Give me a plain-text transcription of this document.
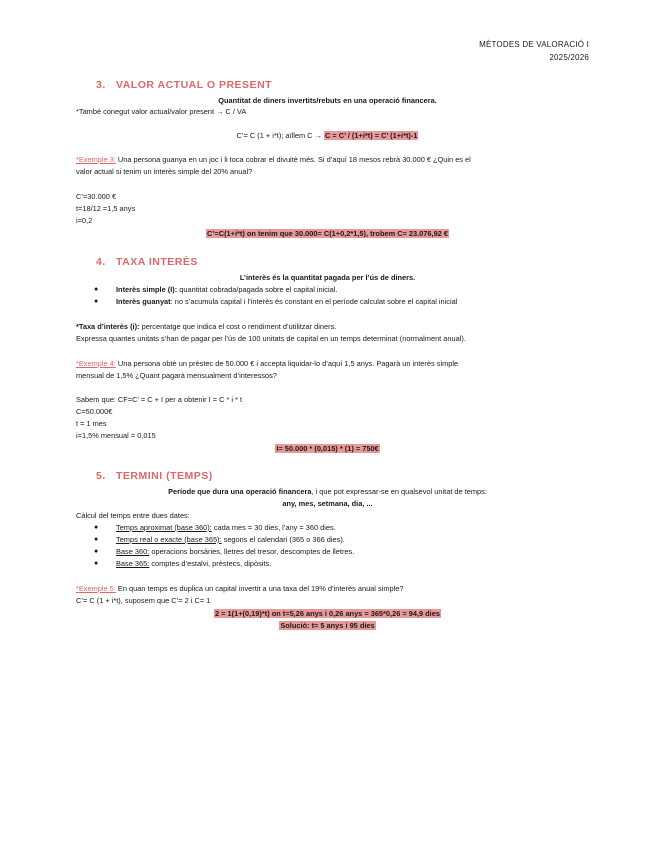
MÈTODES DE VALORACIÓ I
2025/2026
3. VALOR ACTUAL O PRESENT
Quantitat de diners invertits/rebuts en una operació financera.
*També conegut valor actual/valor present → C / VA
C’= C (1 + i*t); aïllem C → C = C’ / (1+i*t) = C’ (1+i*t)-1
*Exemple 3: Una persona guanya en un joc i li toca cobrar el divuitè mès. Si d’aquí 18 mesos rebrà 30.000 € ¿Quin es el
valor actual si tenim un interès simple del 20% anual?
C’=30.000 €
t=18/12 =1,5 anys
i=0,2
C’=C(1+i*t) on tenim que 30.000= C(1+0,2*1,5), trobem C= 23.076,92 €
4. TAXA INTERÈS
L’interès és la quantitat pagada per l’ús de diners.
● Interès simple (I): quantitat cobrada/pagada sobre el capital inicial.
● Interès guanyat: no s’acumula capital i l’interès és constant en el període calculat sobre el capital inicial
*Taxa d’interès (i): percentatge que indica el cost o rendiment d’utilitzar diners.
Expressa quantes unitats s’han de pagar per l’ús de 100 unitats de capital en un temps determinat (normalment anual).
*Exemple 4: Una persona obtè un prèstec de 50.000 € i accepta liquidar-lo d’aquí 1,5 anys. Pagarà un interès simple
mensual de 1,5% ¿Quant pagarà mensualment d’interessos?
Sabem que: CF=C’ = C + I per a obtenir I = C * i * t
C=50.000€
t = 1 mes
i=1,5% mensual = 0,015
I= 50.000 * (0,015) * (1) = 750€
5. TERMINI (TEMPS)
Període que dura una operació financera, i que pot expressar-se en qualsevol unitat de temps:
any, mes, setmana, dia, ...
Càlcul del temps entre dues dates:
● Temps aproximat (base 360): cada mes = 30 dies, l’any = 360 dies.
● Temps real o exacte (base 365): segons el calendari (365 o 366 dies).
● Base 360: operacions borsàries, lletres del tresor, descomptes de lletres.
● Base 365: comptes d’estalvi, prèstecs, dipòsits.
*Exemple 5: En quan temps es duplica un capital invertit a una taxa del 19% d’interès anual simple?
C’= C (1 + i*t), suposem que C’= 2 i C= 1
2 = 1(1+(0,19)*t) on t=5,26 anys i 0,26 anys = 365*0,26 = 94,9 dies
Solució: t= 5 anys i 95 dies
